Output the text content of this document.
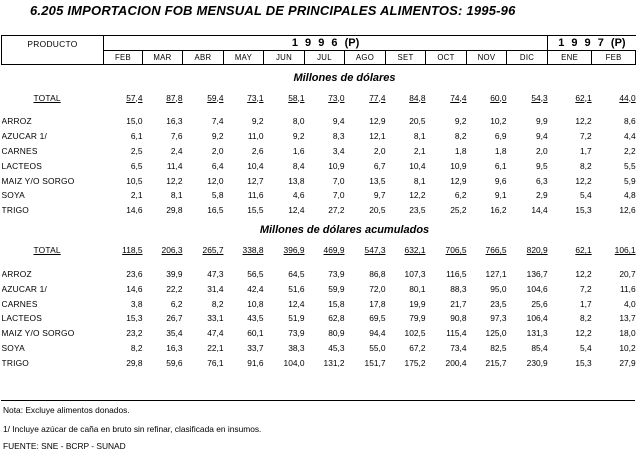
6.205 IMPORTACION FOB MENSUAL DE PRINCIPALES ALIMENTOS: 1995-96
PRODUCTO	1 9 9 6 (P)											1 9 9 7 (P)	
	FEB	MAR	ABR	MAY	JUN	JUL	AGO	SET	OCT	NOV	DIC	ENE	FEB
			Millones de dólares										
TOTAL	57,4	87,8	59,4	73,1	58,1	73,0	77,4	84,8	74,4	60,0	54,3	62,1	44,0

ARROZ	15,0	16,3	7,4	9,2	8,0	9,4	12,9	20,5	9,2	10,2	9,9	12,2	8,6
AZUCAR 1/	6,1	7,6	9,2	11,0	9,2	8,3	12,1	8,1	8,2	6,9	9,4	7,2	4,4
CARNES	2,5	2,4	2,0	2,6	1,6	3,4	2,0	2,1	1,8	1,8	2,0	1,7	2,2
LACTEOS	6,5	11,4	6,4	10,4	8,4	10,9	6,7	10,4	10,9	6,1	9,5	8,2	5,5
MAIZ Y/O SORGO	10,5	12,2	12,0	12,7	13,8	7,0	13,5	8,1	12,9	9,6	6,3	12,2	5,9
SOYA	2,1	8,1	5,8	11,6	4,6	7,0	9,7	12,2	6,2	9,1	2,9	5,4	4,8
TRIGO	14,6	29,8	16,5	15,5	12,4	27,2	20,5	23,5	25,2	16,2	14,4	15,3	12,6
			Millones de dólares acumulados										
TOTAL	118,5	206,3	265,7	338,8	396,9	469,9	547,3	632,1	706,5	766,5	820,9	62,1	106,1

ARROZ	23,6	39,9	47,3	56,5	64,5	73,9	86,8	107,3	116,5	127,1	136,7	12,2	20,7
AZUCAR 1/	14,6	22,2	31,4	42,4	51,6	59,9	72,0	80,1	88,3	95,0	104,6	7,2	11,6
CARNES	3,8	6,2	8,2	10,8	12,4	15,8	17,8	19,9	21,7	23,5	25,6	1,7	4,0
LACTEOS	15,3	26,7	33,1	43,5	51,9	62,8	69,5	79,9	90,8	97,3	106,4	8,2	13,7
MAIZ Y/O SORGO	23,2	35,4	47,4	60,1	73,9	80,9	94,4	102,5	115,4	125,0	131,3	12,2	18,0
SOYA	8,2	16,3	22,1	33,7	38,3	45,3	55,0	67,2	73,4	82,5	85,4	5,4	10,2
TRIGO	29,8	59,6	76,1	91,6	104,0	131,2	151,7	175,2	200,4	215,7	230,9	15,3	27,9
Nota: Excluye alimentos donados.
1/ Incluye azúcar de caña en bruto sin refinar, clasificada en insumos.
FUENTE: SNE - BCRP - SUNAD
